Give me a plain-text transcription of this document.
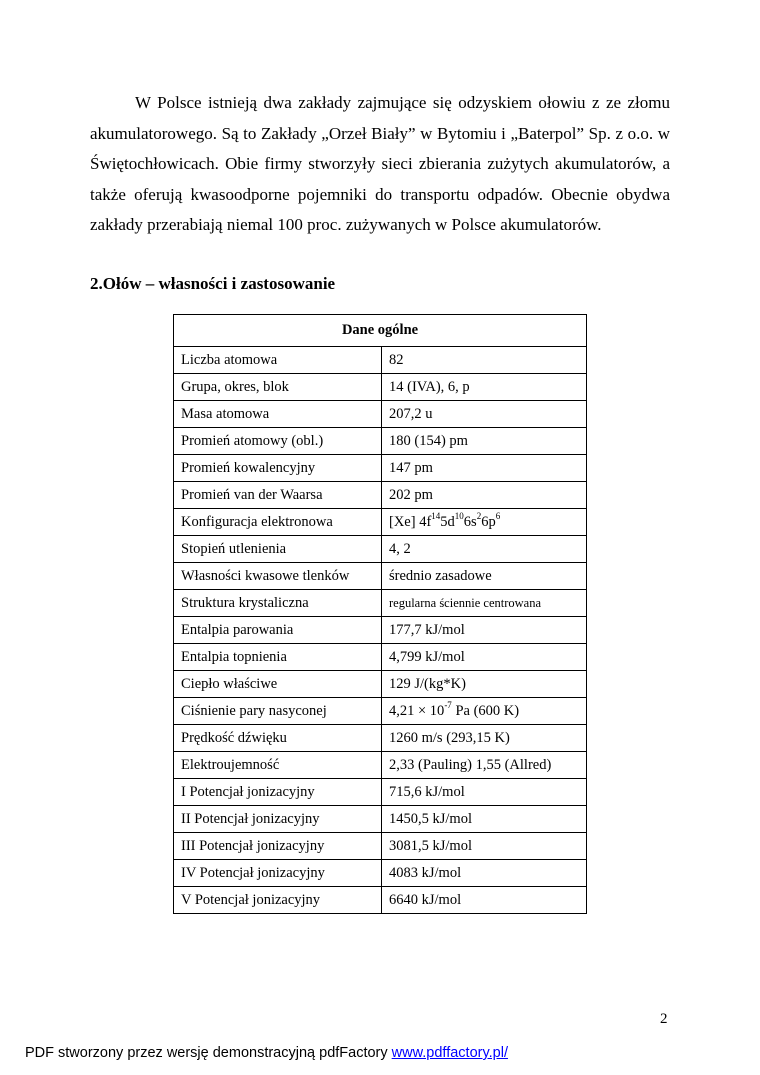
W Polsce istnieją dwa zakłady zajmujące się odzyskiem ołowiu z ze złomu akumulatorowego. Są to Zakłady „Orzeł Biały” w Bytomiu i „Baterpol” Sp. z o.o. w Świętochłowicach. Obie firmy stworzyły sieci zbierania zużytych akumulatorów, a także oferują kwasoodporne pojemniki do transportu odpadów. Obecnie obydwa zakłady przerabiają niemal 100 proc. zużywanych w Polsce akumulatorów.
2.Ołów – własności i zastosowanie
Dane ogólne	
Liczba atomowa	82
Grupa, okres, blok	14 (IVA), 6, p
Masa atomowa	207,2 u
Promień atomowy (obl.)	180 (154) pm
Promień kowalencyjny	147 pm
Promień van der Waarsa	202 pm
Konfiguracja elektronowa	[Xe] $4f^{14}5d^{10}6s^26p^6$
Stopień utlenienia	4, 2
Własności kwasowe tlenków	średnio zasadowe
Struktura krystaliczna	regularna ściennie centrowana
Entalpia parowania	177,7 kJ/mol
Entalpia topnienia	4,799 kJ/mol
Ciepło właściwe	129 J/(kg*K)
Ciśnienie pary nasyconej	$4,21 \times 10^{-7}$ Pa (600 K)
Prędkość dźwięku	1260 m/s (293,15 K)
Elektroujemność	2,33 (Pauling) 1,55 (Allred)
I Potencjał jonizacyjny	715,6 kJ/mol
II Potencjał jonizacyjny	1450,5 kJ/mol
III Potencjał jonizacyjny	3081,5 kJ/mol
IV Potencjał jonizacyjny	4083 kJ/mol
V Potencjał jonizacyjny	6640 kJ/mol
2
PDF stworzony przez wersję demonstracyjną pdfFactory www.pdffactory.pl/
